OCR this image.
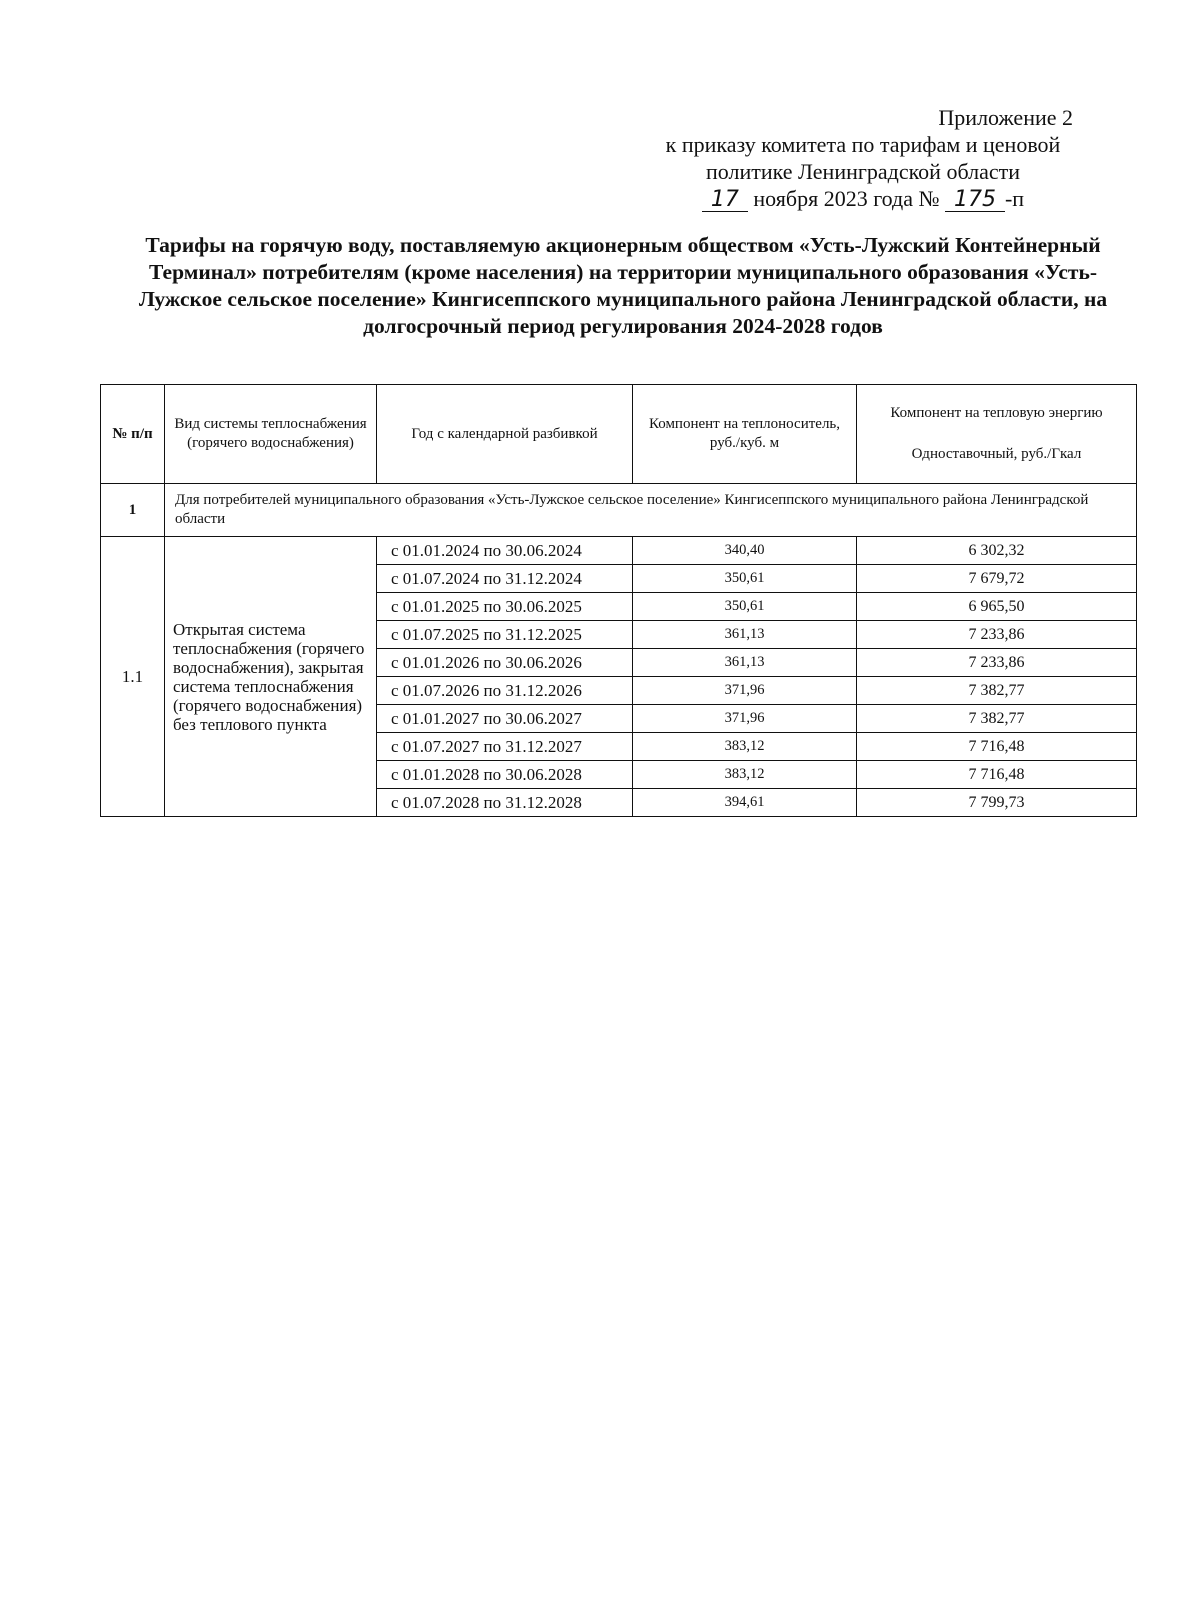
Приложение 2
к приказу комитета по тарифам и ценовой
политике Ленинградской области
17 ноября 2023 года № 175 -п
Тарифы на горячую воду, поставляемую акционерным обществом «Усть-Лужский Контейнерный Терминал» потребителям (кроме населения) на территории муниципального образования «Усть-Лужское сельское поселение» Кингисеппского муниципального района Ленинградской области, на долгосрочный период регулирования 2024-2028 годов
№ п/п	Вид системы теплоснабжения (горячего водоснабжения)	Год с календарной разбивкой	Компонент на теплоноситель, руб./куб. м	Компонент на тепловую энергию
Одноставочный, руб./Гкал

1	Для потребителей муниципального образования «Усть-Лужское сельское поселение» Кингисеппского муниципального района Ленинградской области			
1.1	Открытая система теплоснабжения (горячего водоснабжения), закрытая система теплоснабжения (горячего водоснабжения) без теплового пункта	с 01.01.2024 по 30.06.2024	340,40	6 302,32
		с 01.07.2024 по 31.12.2024	350,61	7 679,72
		с 01.01.2025 по 30.06.2025	350,61	6 965,50
		с 01.07.2025 по 31.12.2025	361,13	7 233,86
		с 01.01.2026 по 30.06.2026	361,13	7 233,86
		с 01.07.2026 по 31.12.2026	371,96	7 382,77
		с 01.01.2027 по 30.06.2027	371,96	7 382,77
		с 01.07.2027 по 31.12.2027	383,12	7 716,48
		с 01.01.2028 по 30.06.2028	383,12	7 716,48
		с 01.07.2028 по 31.12.2028	394,61	7 799,73
